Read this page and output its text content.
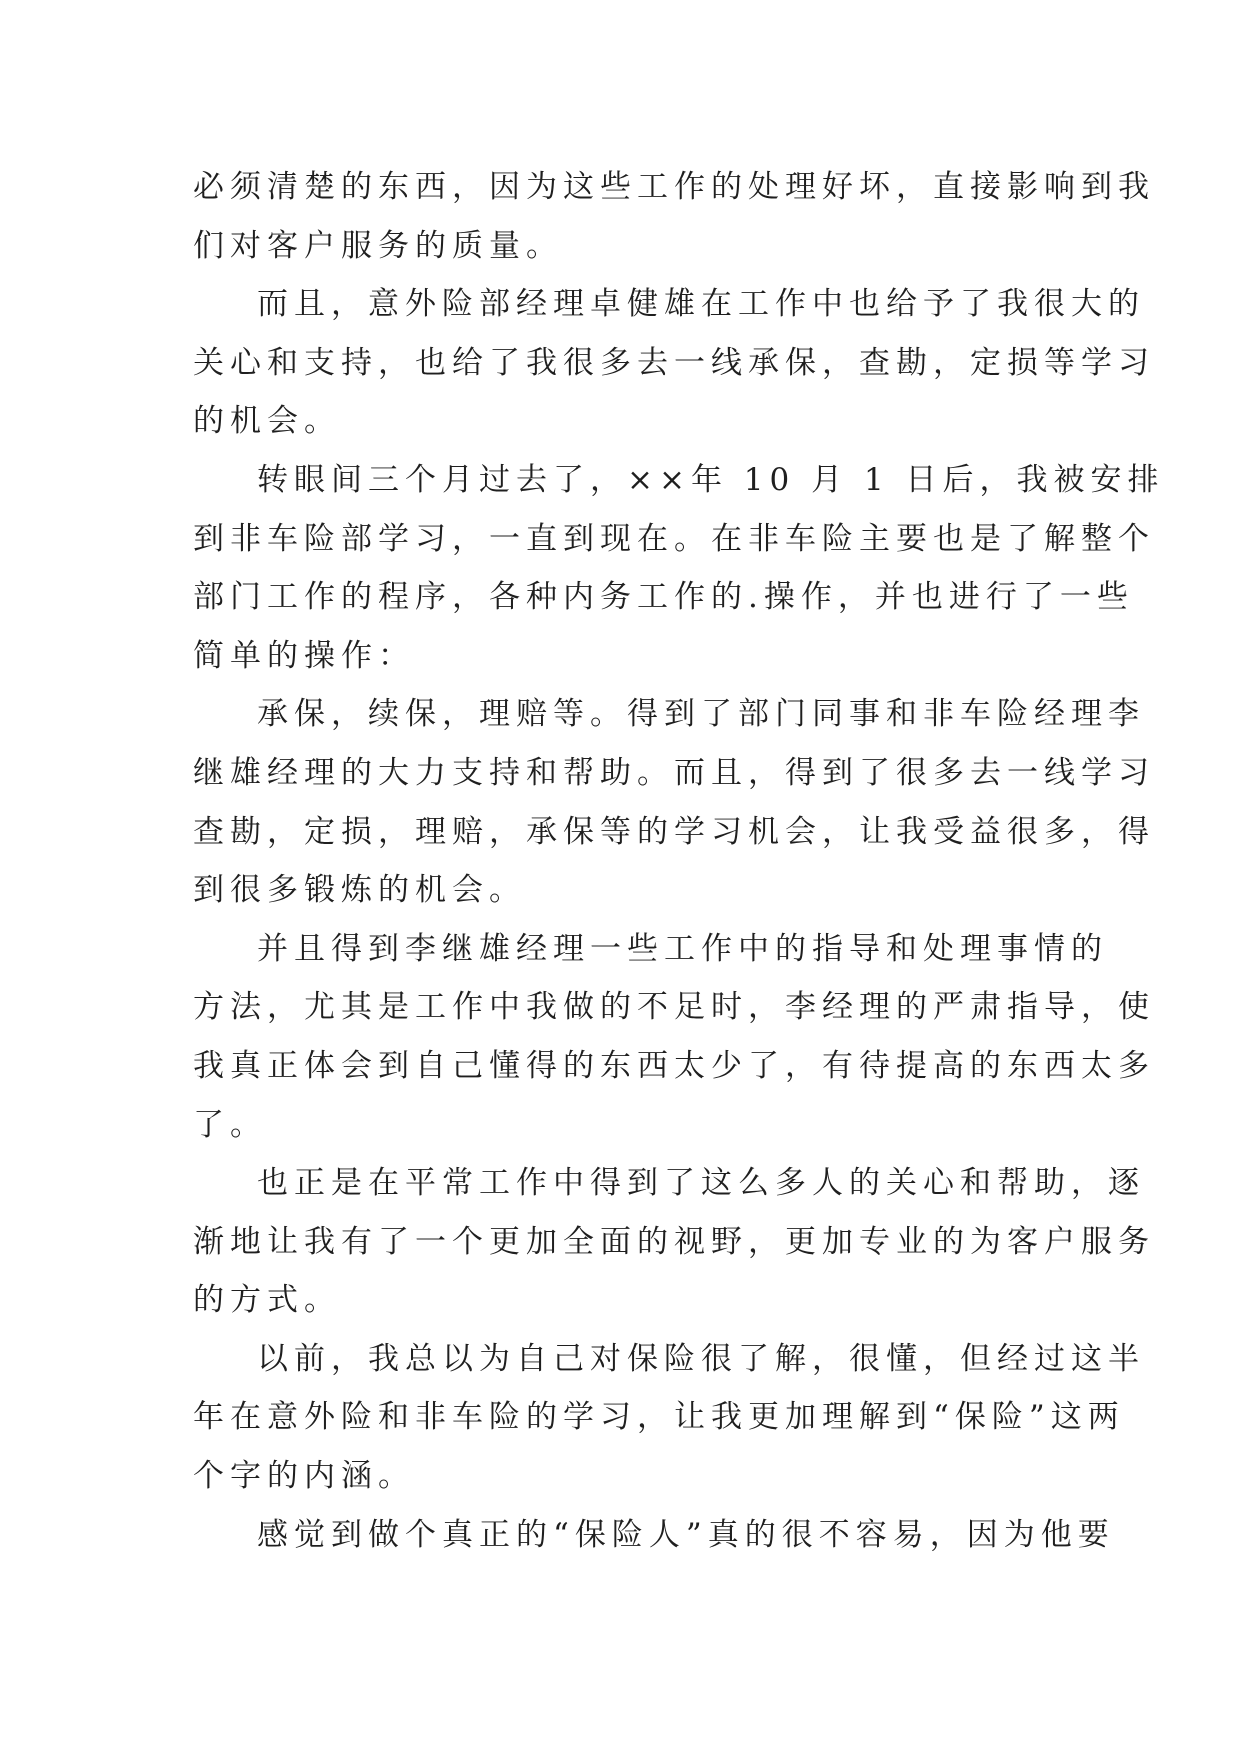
必须清楚的东西，因为这些工作的处理好坏，直接影响到我
们对客户服务的质量。
而且，意外险部经理卓健雄在工作中也给予了我很大的
关心和支持，也给了我很多去一线承保，查勘，定损等学习
的机会。
转眼间三个月过去了，××年 10 月 1 日后，我被安排
到非车险部学习，一直到现在。在非车险主要也是了解整个
部门工作的程序，各种内务工作的.操作，并也进行了一些
简单的操作：
承保，续保，理赔等。得到了部门同事和非车险经理李
继雄经理的大力支持和帮助。而且，得到了很多去一线学习
查勘，定损，理赔，承保等的学习机会，让我受益很多，得
到很多锻炼的机会。
并且得到李继雄经理一些工作中的指导和处理事情的
方法，尤其是工作中我做的不足时，李经理的严肃指导，使
我真正体会到自己懂得的东西太少了，有待提高的东西太多
了。
也正是在平常工作中得到了这么多人的关心和帮助，逐
渐地让我有了一个更加全面的视野，更加专业的为客户服务
的方式。
以前，我总以为自己对保险很了解，很懂，但经过这半
年在意外险和非车险的学习，让我更加理解到“保险”这两
个字的内涵。
感觉到做个真正的“保险人”真的很不容易，因为他要
